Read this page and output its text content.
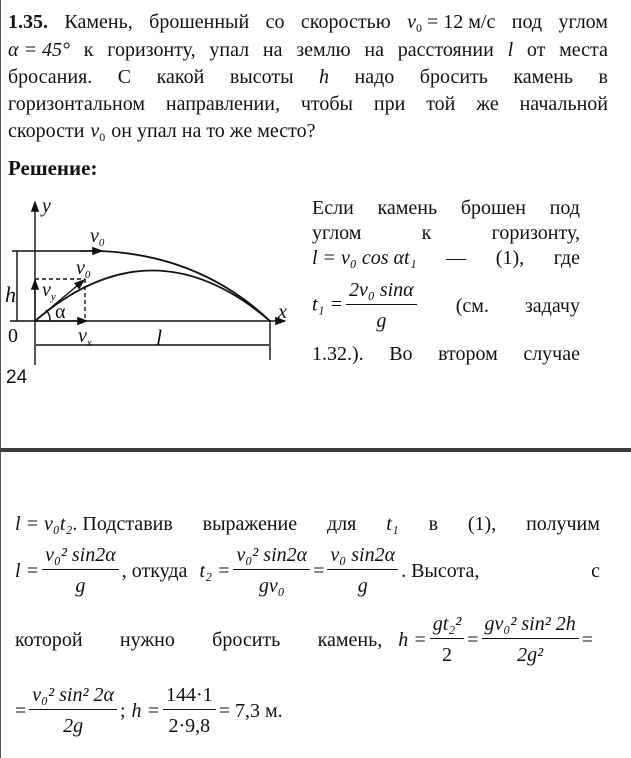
1.35. Камень, брошенный со скоростью $v_0 = 12$ м/с под углом
α = 45° к горизонту, упал на землю на расстоянии l от места
бросания. С какой высоты h надо бросить камень в
горизонтальном направлении, чтобы при той же начальной
скорости $v_0$ он упал на то же место?
Решение:
y
$v_0$
$v_0$
h $v_y$
α	x
0	$v_x$	l
Если камень брошен под
углом	к	горизонту,
l = v₀ cos αt₁ — (1), где
$t_1 = \frac{\text{2v₀ sinα}}{g} (см$. задачу
1.32.). Во втором случае
24
l = v₀t₂. Подставив выражение для t₁ в (1), получим
$l = \frac{\text{v₀² sin2α}}{g}$ , откуда $t_2 = \frac{\text{v₀² sin2α}}{\text{gv₀}} = \frac{\text{v₀ sin2α}}{g}$ . Высота,	с
которой нужно бросить камень, $h = \frac{\text{gt₂²}}{2} = \frac{\text{gv₀² sin² 2h}}{\text{2g²}}$ =
= $\frac{\text{v₀² sin² 2α}}{2g}$ ; $h = \frac{144\cdot 1}{2\cdot 9,8} = 7,3$ м.
